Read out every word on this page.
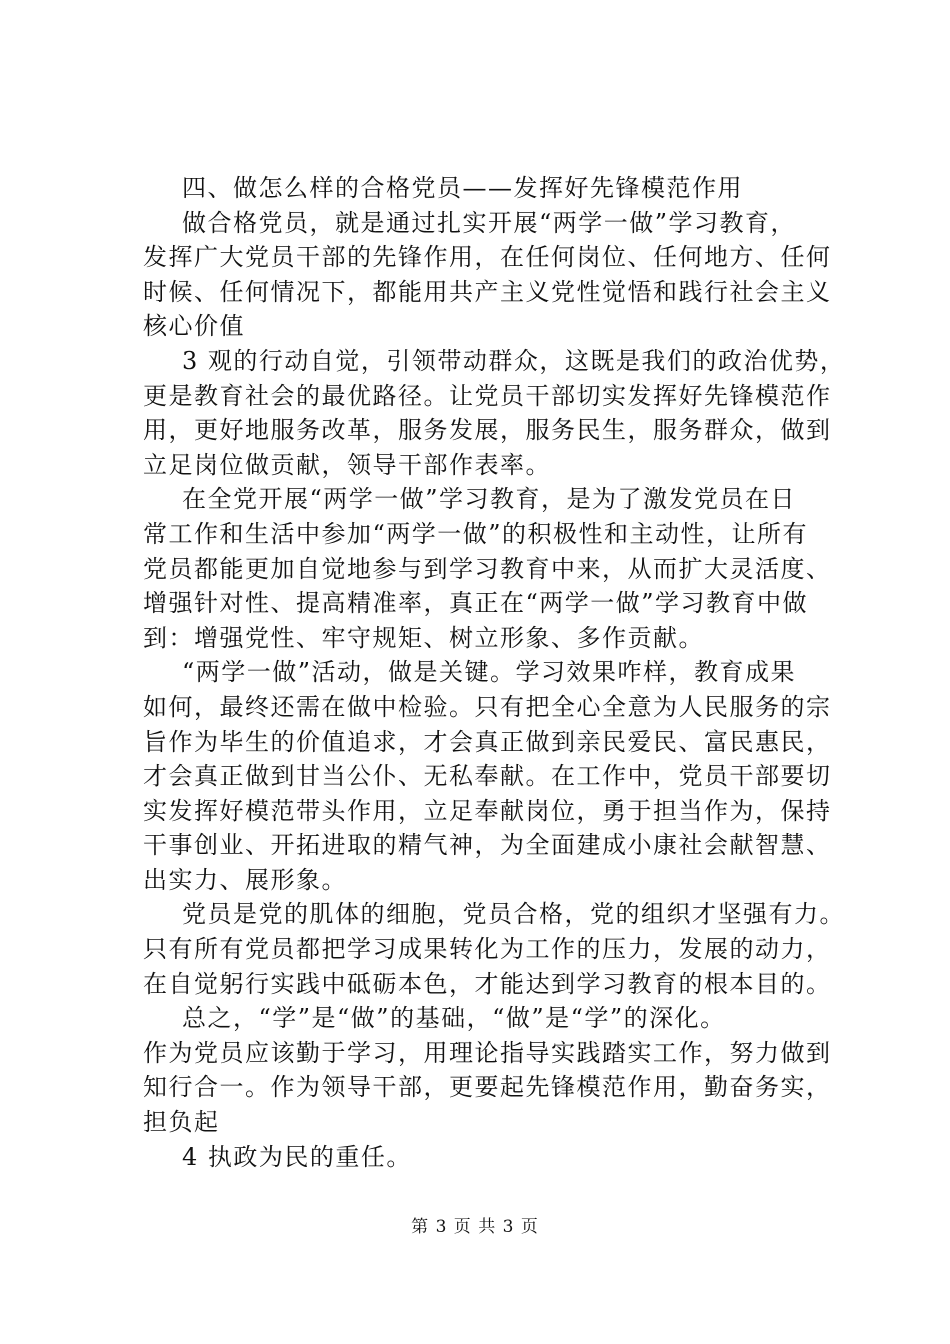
四、做怎么样的合格党员——发挥好先锋模范作用
做合格党员，就是通过扎实开展“两学一做”学习教育，
发挥广大党员干部的先锋作用，在任何岗位、任何地方、任何
时候、任何情况下，都能用共产主义党性觉悟和践行社会主义
核心价值
3 观的行动自觉，引领带动群众，这既是我们的政治优势，
更是教育社会的最优路径。让党员干部切实发挥好先锋模范作
用，更好地服务改革，服务发展，服务民生，服务群众，做到
立足岗位做贡献，领导干部作表率。
在全党开展“两学一做”学习教育，是为了激发党员在日
常工作和生活中参加“两学一做”的积极性和主动性，让所有
党员都能更加自觉地参与到学习教育中来，从而扩大灵活度、
增强针对性、提高精准率，真正在“两学一做”学习教育中做
到：增强党性、牢守规矩、树立形象、多作贡献。
“两学一做”活动，做是关键。学习效果咋样，教育成果
如何，最终还需在做中检验。只有把全心全意为人民服务的宗
旨作为毕生的价值追求，才会真正做到亲民爱民、富民惠民，
才会真正做到甘当公仆、无私奉献。在工作中，党员干部要切
实发挥好模范带头作用，立足奉献岗位，勇于担当作为，保持
干事创业、开拓进取的精气神，为全面建成小康社会献智慧、
出实力、展形象。
党员是党的肌体的细胞，党员合格，党的组织才坚强有力。
只有所有党员都把学习成果转化为工作的压力，发展的动力，
在自觉躬行实践中砥砺本色，才能达到学习教育的根本目的。
总之，“学”是“做”的基础，“做”是“学”的深化。
作为党员应该勤于学习，用理论指导实践踏实工作，努力做到
知行合一。作为领导干部，更要起先锋模范作用，勤奋务实，
担负起
4 执政为民的重任。
第 3 页 共 3 页
